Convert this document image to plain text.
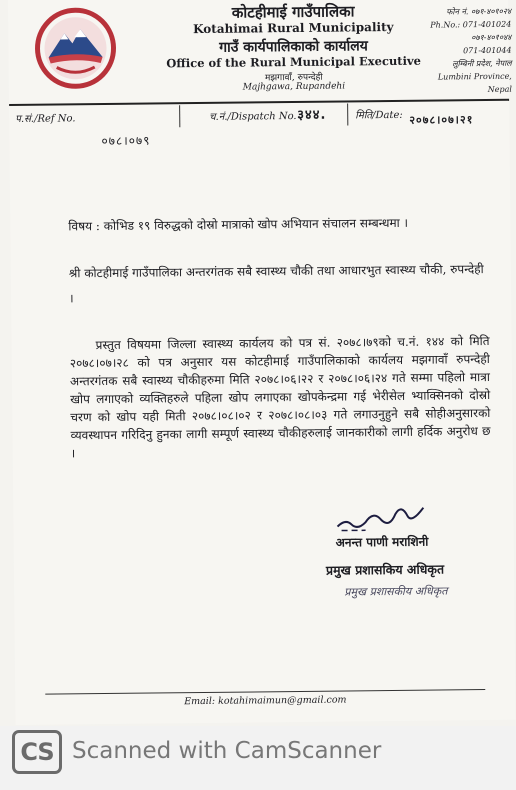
कोटहीमाई गाउँपालिका
Kotahimai Rural Municipality
गाउँ कार्यपालिकाको कार्यालय
Office of the Rural Municipal Executive
मझगावाँ, रुपन्देही
Majhgawa, Rupandehi
फोन नं. ०७१-४०१०२४
Ph.No.: 071-401024
०७१-४०१०४४
071-401044
लुम्बिनी प्रदेश, नेपाल
Lumbini Province, Nepal
प.सं./Ref No.	च.नं./Dispatch No. ३४४.	मिति/Date: २०७८।०७।२१
०७८।०७९
विषय : कोभिड १९ विरुद्धको दोस्रो मात्राको खोप अभियान संचालन सम्बन्धमा ।
श्री कोटहीमाई गाउँपालिका अन्तरगंतक सबै स्वास्थ्य चौकी तथा आधारभुत स्वास्थ्य चौकी, रुपन्देही ।
प्रस्तुत विषयमा जिल्ला स्वास्थ्य कार्यलय को पत्र सं. २०७८।७९को च.नं. १४४ को मिति २०७८।०७।२८ को पत्र अनुसार यस कोटहीमाई गाउँपालिकाको कार्यलय मझगावाँ रुपन्देही अन्तरगंतक सबै स्वास्थ्य चौकीहरुमा मिति २०७८।०६।२२ र २०७८।०६।२४ गते सम्मा पहिलो मात्रा खोप लगाएको व्यक्तिहरुले पहिला खोप लगाएका खोपकेन्द्रमा गई भेरीसेल भ्याक्सिनको दोस्रो चरण को खोप यही मिती २०७८।०८।०२ र २०७८।०८।०३ गते लगाउनुहुने सबै सोहीअनुसारको व्यवस्थापन गरिदिनु हुनका लागी सम्पूर्ण स्वास्थ्य चौकीहरुलाई जानकारीको लागी हर्दिक अनुरोध छ ।
अनन्त पाणी मराशिनी
प्रमुख प्रशासकिय अधिकृत
प्रमुख प्रशासकीय अधिकृत
Email: kotahimaimun@gmail.com
CS Scanned with CamScanner
